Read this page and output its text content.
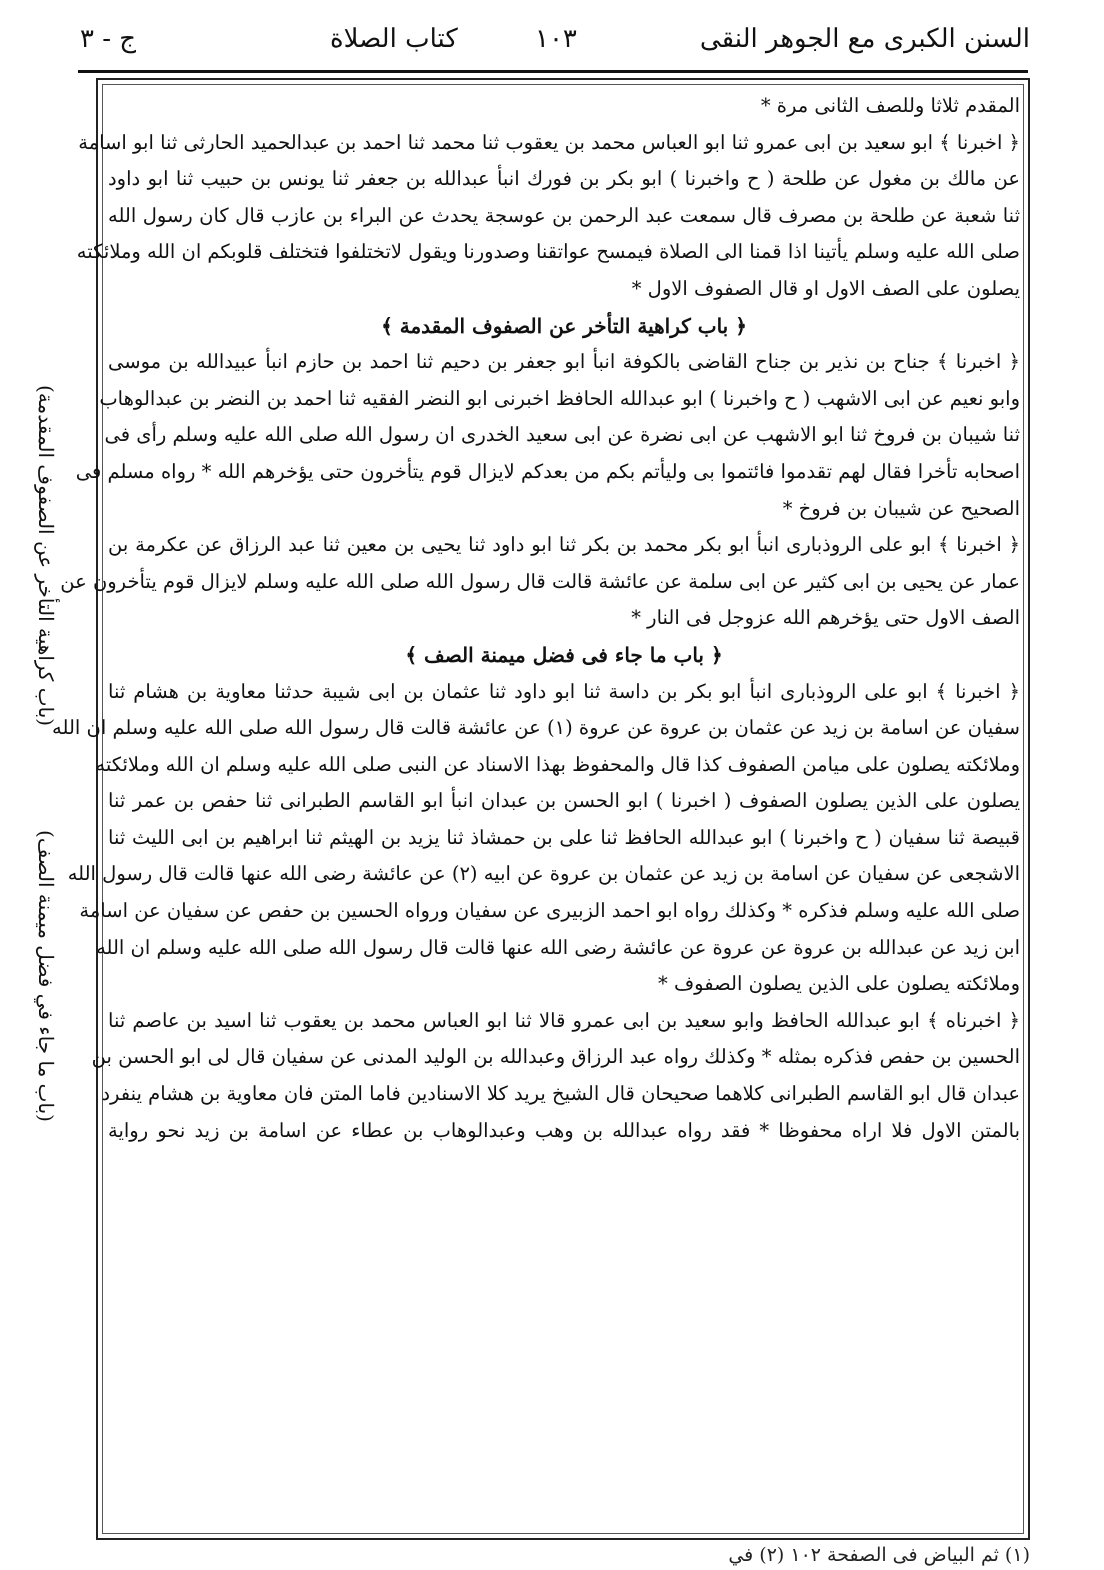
السنن الكبرى مع الجوهر النقى
١٠٣
كتاب الصلاة
ج - ٣
(باب كراهية التأخر عن الصفوف المقدمة)
(باب ما جاء في فضل ميمنة الصف)
المقدم ثلاثا وللصف الثانى مرة *
﴿ اخبرنا ﴾ ابو سعيد بن ابى عمرو ثنا ابو العباس محمد بن يعقوب ثنا محمد ثنا احمد بن عبدالحميد الحارثى ثنا ابو اسامة
عن مالك بن مغول عن طلحة ( ح واخبرنا ) ابو بكر بن فورك انبأ عبدالله بن جعفر ثنا يونس بن حبيب ثنا ابو داود
ثنا شعبة عن طلحة بن مصرف قال سمعت عبد الرحمن بن عوسجة يحدث عن البراء بن عازب قال كان رسول الله
صلى الله عليه وسلم يأتينا اذا قمنا الى الصلاة فيمسح عواتقنا وصدورنا ويقول لاتختلفوا فتختلف قلوبكم ان الله وملائكته
يصلون على الصف الاول او قال الصفوف الاول *
﴿ باب كراهية التأخر عن الصفوف المقدمة ﴾
﴿ اخبرنا ﴾ جناح بن نذير بن جناح القاضى بالكوفة انبأ ابو جعفر بن دحيم ثنا احمد بن حازم انبأ عبيدالله بن موسى
وابو نعيم عن ابى الاشهب ( ح واخبرنا ) ابو عبدالله الحافظ اخبرنى ابو النضر الفقيه ثنا احمد بن النضر بن عبدالوهاب
ثنا شيبان بن فروخ ثنا ابو الاشهب عن ابى نضرة عن ابى سعيد الخدرى ان رسول الله صلى الله عليه وسلم رأى فى
اصحابه تأخرا فقال لهم تقدموا فائتموا بى وليأتم بكم من بعدكم لايزال قوم يتأخرون حتى يؤخرهم الله * رواه مسلم فى
الصحيح عن شيبان بن فروخ *
﴿ اخبرنا ﴾ ابو على الروذبارى انبأ ابو بكر محمد بن بكر ثنا ابو داود ثنا يحيى بن معين ثنا عبد الرزاق عن عكرمة بن
عمار عن يحيى بن ابى كثير عن ابى سلمة عن عائشة قالت قال رسول الله صلى الله عليه وسلم لايزال قوم يتأخرون عن
الصف الاول حتى يؤخرهم الله عزوجل فى النار *
﴿ باب ما جاء فى فضل ميمنة الصف ﴾
﴿ اخبرنا ﴾ ابو على الروذبارى انبأ ابو بكر بن داسة ثنا ابو داود ثنا عثمان بن ابى شيبة حدثنا معاوية بن هشام ثنا
سفيان عن اسامة بن زيد عن عثمان بن عروة عن عروة (١) عن عائشة قالت قال رسول الله صلى الله عليه وسلم ان الله
وملائكته يصلون على ميامن الصفوف كذا قال والمحفوظ بهذا الاسناد عن النبى صلى الله عليه وسلم ان الله وملائكته
يصلون على الذين يصلون الصفوف ( اخبرنا ) ابو الحسن بن عبدان انبأ ابو القاسم الطبرانى ثنا حفص بن عمر ثنا
قبيصة ثنا سفيان ( ح واخبرنا ) ابو عبدالله الحافظ ثنا على بن حمشاذ ثنا يزيد بن الهيثم ثنا ابراهيم بن ابى الليث ثنا
الاشجعى عن سفيان عن اسامة بن زيد عن عثمان بن عروة عن ابيه (٢) عن عائشة رضى الله عنها قالت قال رسول الله
صلى الله عليه وسلم فذكره * وكذلك رواه ابو احمد الزبيرى عن سفيان ورواه الحسين بن حفص عن سفيان عن اسامة
ابن زيد عن عبدالله بن عروة عن عروة عن عائشة رضى الله عنها قالت قال رسول الله صلى الله عليه وسلم ان الله
وملائكته يصلون على الذين يصلون الصفوف *
﴿ اخبرناه ﴾ ابو عبدالله الحافظ وابو سعيد بن ابى عمرو قالا ثنا ابو العباس محمد بن يعقوب ثنا اسيد بن عاصم ثنا
الحسين بن حفص فذكره بمثله * وكذلك رواه عبد الرزاق وعبدالله بن الوليد المدنى عن سفيان قال لى ابو الحسن بن
عبدان قال ابو القاسم الطبرانى كلاهما صحيحان قال الشيخ يريد كلا الاسنادين فاما المتن فان معاوية بن هشام ينفرد
بالمتن الاول فلا اراه محفوظا * فقد رواه عبدالله بن وهب وعبدالوهاب بن عطاء عن اسامة بن زيد نحو رواية
(١) ثم البياض فى الصفحة ١٠٢ (٢) في
